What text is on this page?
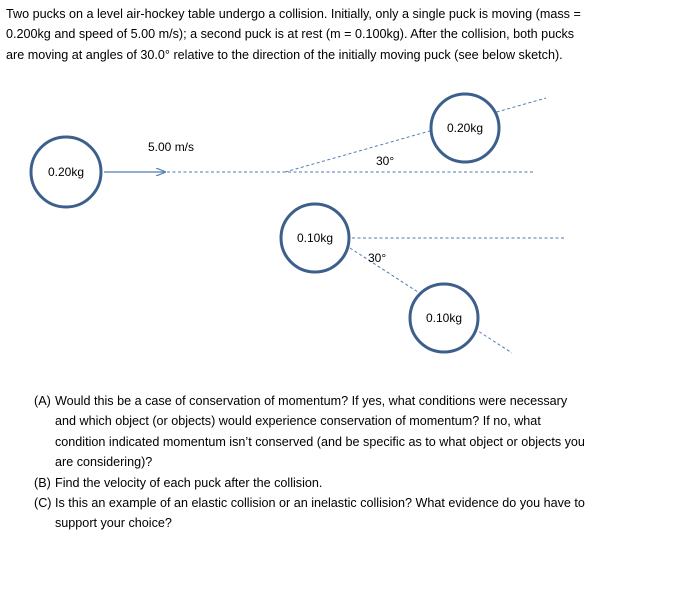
Two pucks on a level air-hockey table undergo a collision. Initially, only a single puck is moving (mass =
0.200kg and speed of 5.00 m/s); a second puck is at rest (m = 0.100kg). After the collision, both pucks
are moving at angles of 30.0° relative to the direction of the initially moving puck (see below sketch).
0.20kg
0.10kg
0.20kg
0.10kg
5.00 m/s
30°
30°
(A) Would this be a case of conservation of momentum? If yes, what conditions were necessary
and which object (or objects) would experience conservation of momentum? If no, what
condition indicated momentum isn’t conserved (and be specific as to what object or objects you
are considering)?
(B) Find the velocity of each puck after the collision.
(C) Is this an example of an elastic collision or an inelastic collision? What evidence do you have to
support your choice?
